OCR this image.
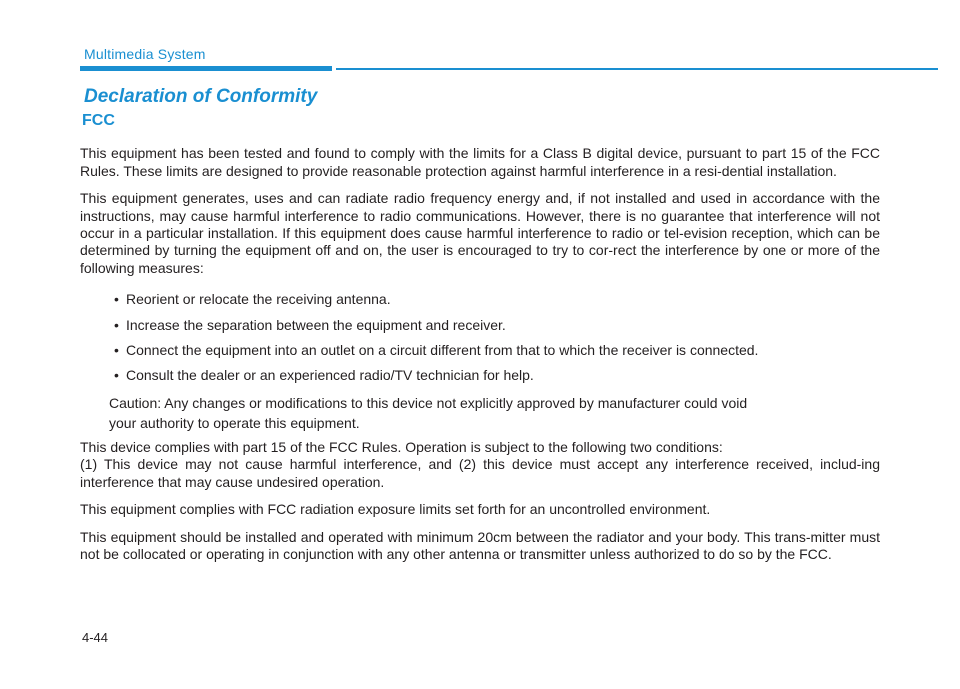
Multimedia System
Declaration of Conformity
FCC

This equipment has been tested and found to comply with the limits for a Class B digital device, pursuant to part 15 of the FCC Rules. These limits are designed to provide reasonable protection against harmful interference in a resi-dential installation.

This equipment generates, uses and can radiate radio frequency energy and, if not installed and used in accordance with the instructions, may cause harmful interference to radio communications. However, there is no guarantee that interference will not occur in a particular installation. If this equipment does cause harmful interference to radio or tel-evision reception, which can be determined by turning the equipment off and on, the user is encouraged to try to cor-rect the interference by one or more of the following measures:

• Reorient or relocate the receiving antenna.
• Increase the separation between the equipment and receiver.
• Connect the equipment into an outlet on a circuit different from that to which the receiver is connected.
• Consult the dealer or an experienced radio/TV technician for help.
Caution: Any changes or modifications to this device not explicitly approved by manufacturer could void
your authority to operate this equipment.
This device complies with part 15 of the FCC Rules. Operation is subject to the following two conditions:
(1) This device may not cause harmful interference, and (2) this device must accept any interference received, includ-ing interference that may cause undesired operation.

This equipment complies with FCC radiation exposure limits set forth for an uncontrolled environment.

This equipment should be installed and operated with minimum 20cm between the radiator and your body. This trans-mitter must not be collocated or operating in conjunction with any other antenna or transmitter unless authorized to do so by the FCC.

4-44
